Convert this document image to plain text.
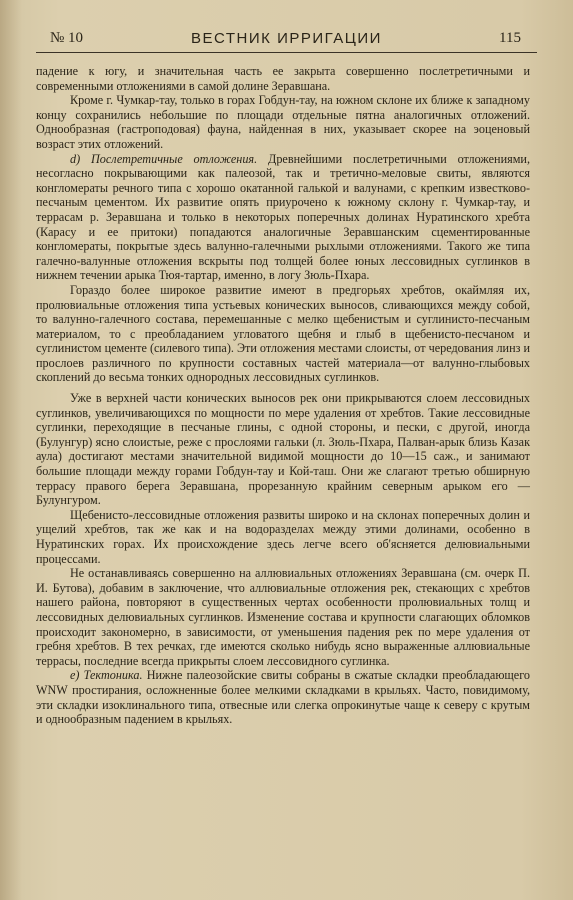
№ 10	ВЕСТНИК ИРРИГАЦИИ	115

падение к югу, и значительная часть ее закрыта совершенно послетретичными и современными отложениями в самой долине Зеравшана.

Кроме г. Чумкар-тау, только в горах Гобдун-тау, на южном склоне их ближе к западному концу сохранились небольшие по площади отдельные пятна аналогичных отложений. Однообразная (гастроподовая) фауна, найденная в них, указывает скорее на эоценовый возраст этих отложений.

d) Послетретичные отложения. Древнейшими послетретичными отложениями, несогласно покрывающими как палеозой, так и третично-меловые свиты, являются конгломераты речного типа с хорошо окатанной галькой и валунами, с крепким известково-песчаным цементом. Их развитие опять приурочено к южному склону г. Чумкар-тау, и террасам р. Зеравшана и только в некоторых поперечных долинах Нуратинского хребта (Карасу и ее притоки) попадаются аналогичные Зеравшанским сцементированные конгломераты, покрытые здесь валунно-галечными рыхлыми отложениями. Такого же типа галечно-валунные отложения вскрыты под толщей более юных лессовидных суглинков в нижнем течении арыка Тюя-тартар, именно, в логу Зюль-Пхара.

Гораздо более широкое развитие имеют в предгорьях хребтов, окаймляя их, пролювиальные отложения типа устьевых конических выносов, сливающихся между собой, то валунно-галечного состава, перемешанные с мелко щебенистым и суглинисто-песчаным материалом, то с преобладанием угловатого щебня и глыб в щебенисто-песчаном и суглинистом цементе (силевого типа). Эти отложения местами слоисты, от чередования линз и прослоев различного по крупности составных частей материала—от валунно-глыбовых скоплений до весьма тонких однородных лессовидных суглинков.

Уже в верхней части конических выносов рек они прикрываются слоем лессовидных суглинков, увеличивающихся по мощности по мере удаления от хребтов. Такие лессовидные суглинки, переходящие в песчаные глины, с одной стороны, и пески, с другой, иногда (Булунгур) ясно слоистые, реже с прослоями гальки (л. Зюль-Пхара, Палван-арык близь Казак аула) достигают местами значительной видимой мощности до 10—15 саж., и занимают большие площади между горами Гобдун-тау и Кой-таш. Они же слагают третью обширную террасу правого берега Зеравшана, прорезанную крайним северным арыком его —Булунгуром.

Щебенисто-лессовидные отложения развиты широко и на склонах поперечных долин и ущелий хребтов, так же как и на водоразделах между этими долинами, особенно в Нуратинских горах. Их происхождение здесь легче всего об'ясняется делювиальными процессами.

Не останавливаясь совершенно на аллювиальных отложениях Зеравшана (см. очерк П. И. Бутова), добавим в заключение, что аллювиальные отложения рек, стекающих с хребтов нашего района, повторяют в существенных чертах особенности пролювиальных толщ и лессовидных делювиальных суглинков. Изменение состава и крупности слагающих обломков происходит закономерно, в зависимости, от уменьшения падения рек по мере удаления от гребня хребтов. В тех речках, где имеются сколько нибудь ясно выраженные аллювиальные террасы, последние всегда прикрыты слоем лессовидного суглинка.

e) Тектоника. Нижне палеозойские свиты собраны в сжатые складки преобладающего WNW простирания, осложненные более мелкими складками в крыльях. Часто, повидимому, эти складки изоклинального типа, отвесные или слегка опрокинутые чаще к северу с крутым и однообразным падением в крыльях.
